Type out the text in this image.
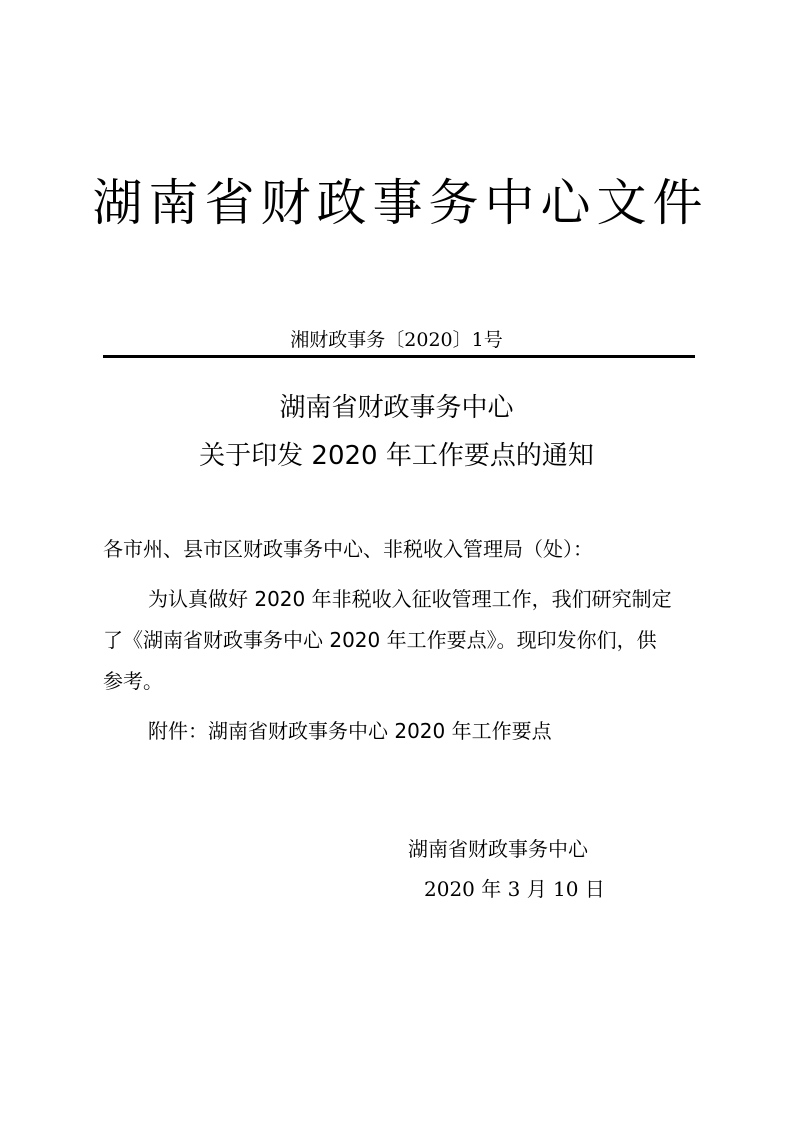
湖南省财政事务中心文件
湘财政事务〔2020〕1号
湖南省财政事务中心
关于印发 2020 年工作要点的通知
各市州、县市区财政事务中心、非税收入管理局（处）：
为认真做好 2020 年非税收入征收管理工作，我们研究制定
了《湖南省财政事务中心 2020 年工作要点》。现印发你们，供
参考。
附件：湖南省财政事务中心 2020 年工作要点
湖南省财政事务中心
2020 年 3 月 10 日
